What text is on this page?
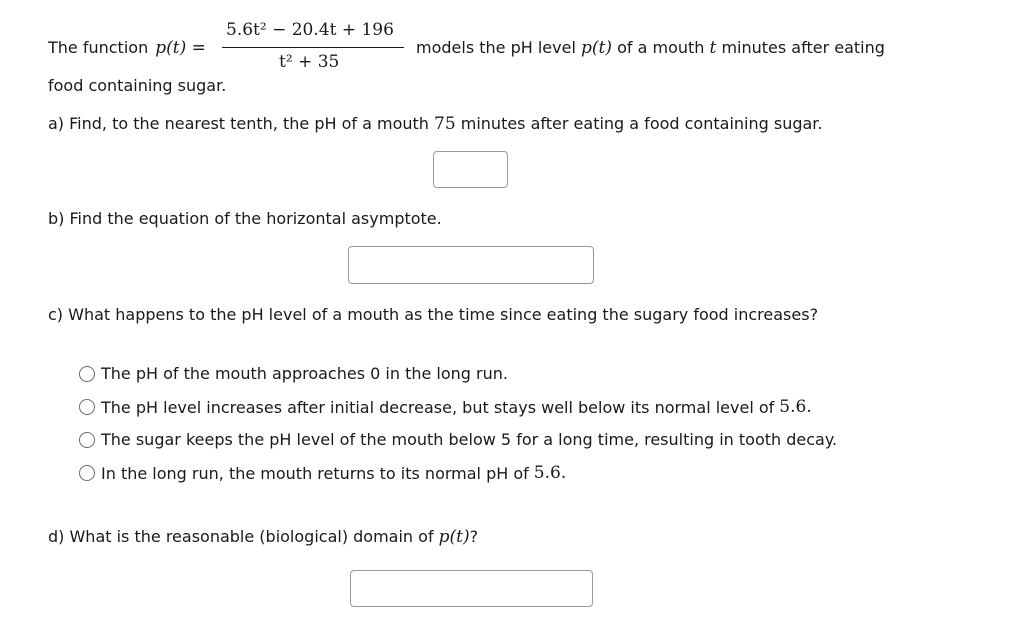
The function p(t) =
5.6t² − 20.4t + 196
t² + 35
models the pH level p(t) of a mouth t minutes after eating
food containing sugar.
a) Find, to the nearest tenth, the pH of a mouth 75 minutes after eating a food containing sugar.
b) Find the equation of the horizontal asymptote.
c) What happens to the pH level of a mouth as the time since eating the sugary food increases?
The pH of the mouth approaches 0 in the long run.
The pH level increases after initial decrease, but stays well below its normal level of 5.6.
The sugar keeps the pH level of the mouth below 5 for a long time, resulting in tooth decay.
In the long run, the mouth returns to its normal pH of 5.6.
d) What is the reasonable (biological) domain of p(t)?
